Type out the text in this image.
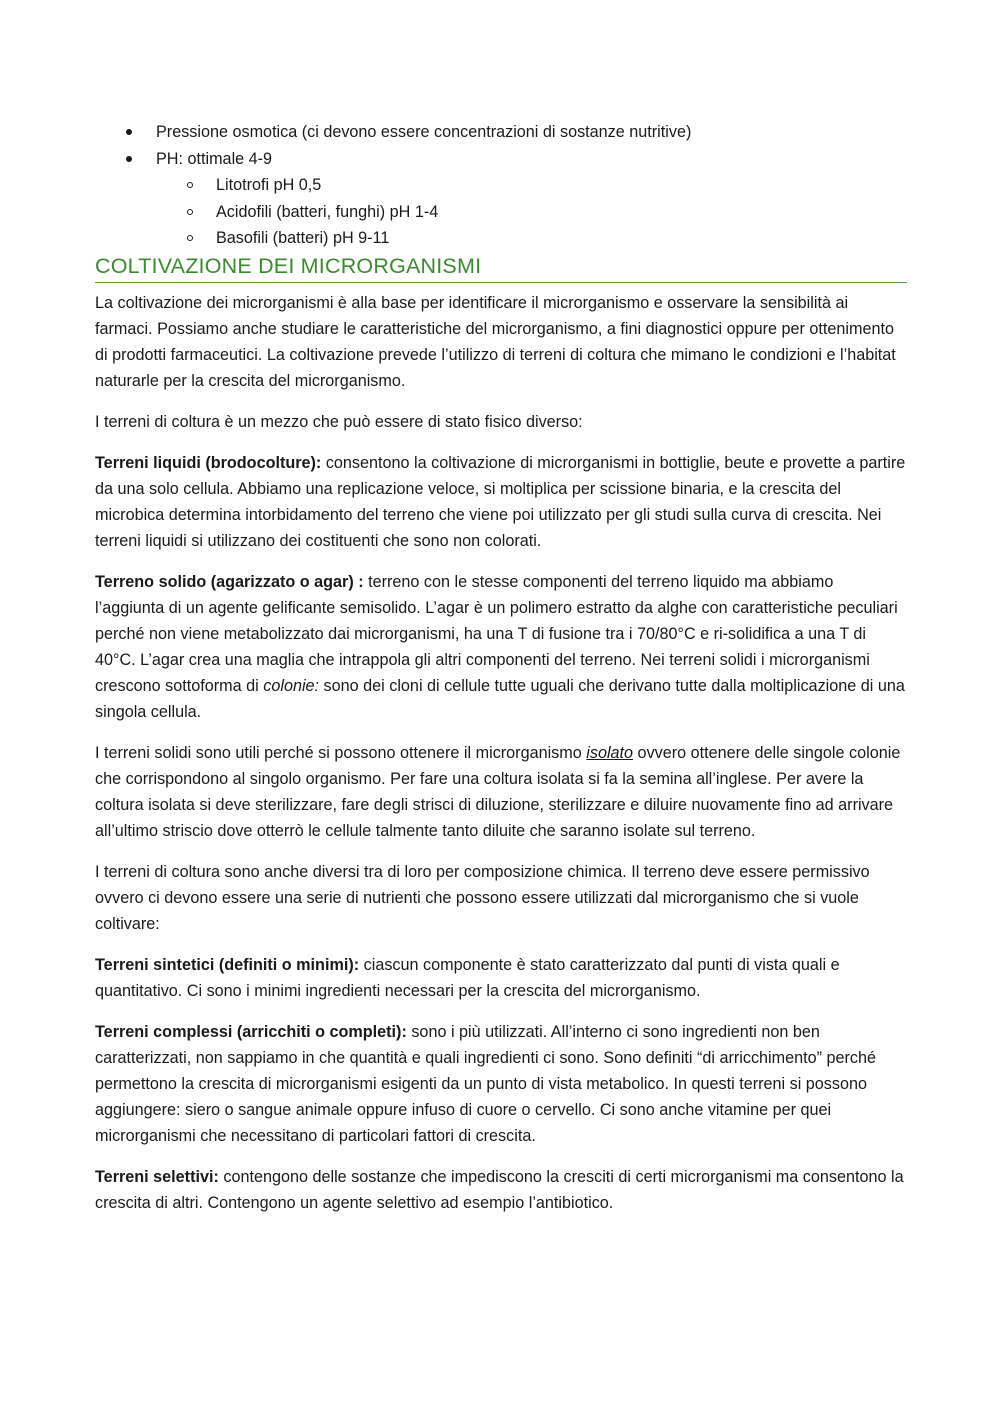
Pressione osmotica (ci devono essere concentrazioni di sostanze nutritive)
PH: ottimale 4-9
Litotrofi pH 0,5
Acidofili (batteri, funghi) pH 1-4
Basofili (batteri) pH 9-11
COLTIVAZIONE DEI MICRORGANISMI

La coltivazione dei microrganismi è alla base per identificare il microrganismo e osservare la sensibilità ai farmaci. Possiamo anche studiare le caratteristiche del microrganismo, a fini diagnostici oppure per ottenimento di prodotti farmaceutici. La coltivazione prevede l’utilizzo di terreni di coltura che mimano le condizioni e l’habitat naturarle per la crescita del microrganismo.

I terreni di coltura è un mezzo che può essere di stato fisico diverso:

Terreni liquidi (brodocolture): consentono la coltivazione di microrganismi in bottiglie, beute e provette a partire da una solo cellula. Abbiamo una replicazione veloce, si moltiplica per scissione binaria, e la crescita del microbica determina intorbidamento del terreno che viene poi utilizzato per gli studi sulla curva di crescita. Nei terreni liquidi si utilizzano dei costituenti che sono non colorati.

Terreno solido (agarizzato o agar) : terreno con le stesse componenti del terreno liquido ma abbiamo l’aggiunta di un agente gelificante semisolido. L’agar è un polimero estratto da alghe con caratteristiche peculiari perché non viene metabolizzato dai microrganismi, ha una T di fusione tra i 70/80°C e ri-solidifica a una T di 40°C. L’agar crea una maglia che intrappola gli altri componenti del terreno. Nei terreni solidi i microrganismi crescono sottoforma di colonie: sono dei cloni di cellule tutte uguali che derivano tutte dalla moltiplicazione di una singola cellula.

I terreni solidi sono utili perché si possono ottenere il microrganismo isolato ovvero ottenere delle singole colonie che corrispondono al singolo organismo. Per fare una coltura isolata si fa la semina all’inglese. Per avere la coltura isolata si deve sterilizzare, fare degli strisci di diluzione, sterilizzare e diluire nuovamente fino ad arrivare all’ultimo striscio dove otterrò le cellule talmente tanto diluite che saranno isolate sul terreno.

I terreni di coltura sono anche diversi tra di loro per composizione chimica. Il terreno deve essere permissivo ovvero ci devono essere una serie di nutrienti che possono essere utilizzati dal microrganismo che si vuole coltivare:

Terreni sintetici (definiti o minimi): ciascun componente è stato caratterizzato dal punti di vista quali e quantitativo. Ci sono i minimi ingredienti necessari per la crescita del microrganismo.

Terreni complessi (arricchiti o completi): sono i più utilizzati. All’interno ci sono ingredienti non ben caratterizzati, non sappiamo in che quantità e quali ingredienti ci sono. Sono definiti “di arricchimento” perché permettono la crescita di microrganismi esigenti da un punto di vista metabolico. In questi terreni si possono aggiungere: siero o sangue animale oppure infuso di cuore o cervello. Ci sono anche vitamine per quei microrganismi che necessitano di particolari fattori di crescita.

Terreni selettivi: contengono delle sostanze che impediscono la cresciti di certi microrganismi ma consentono la crescita di altri. Contengono un agente selettivo ad esempio l’antibiotico.
